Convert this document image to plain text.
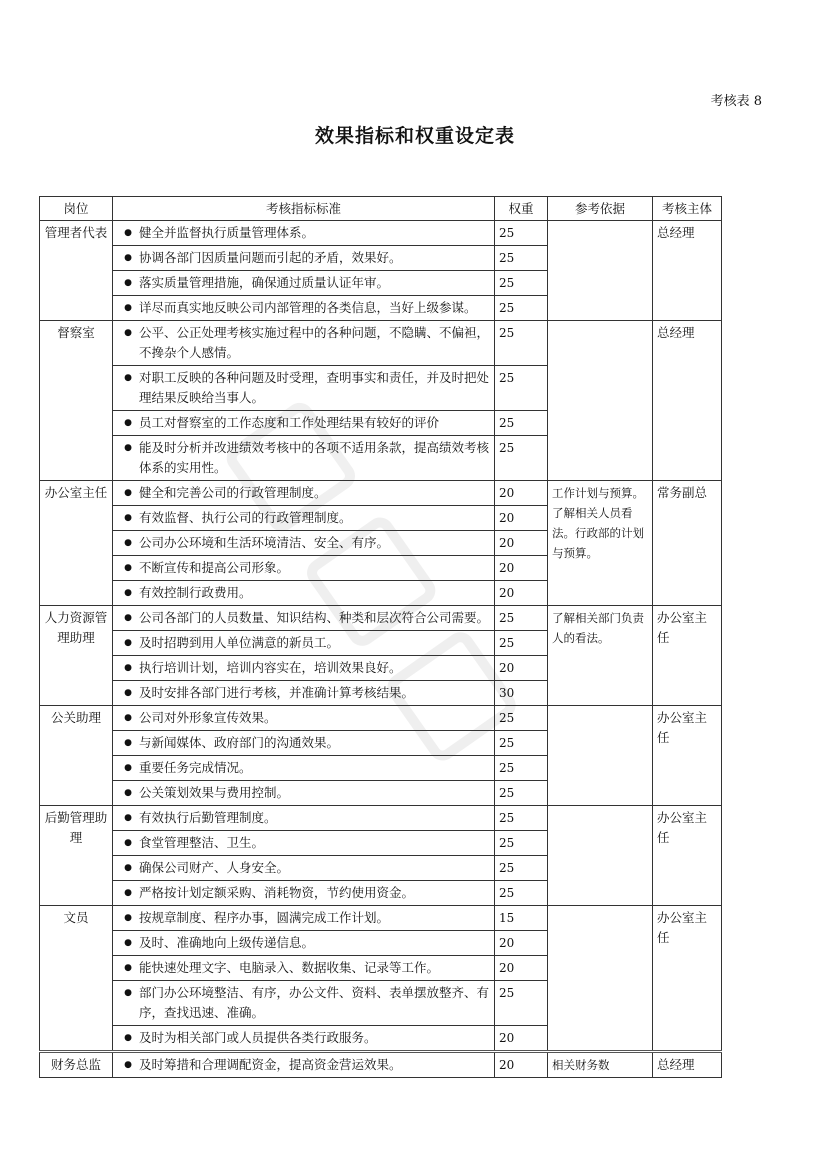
考核表 8
效果指标和权重设定表
岗位	考核指标标准	权重	参考依据	考核主体
管理者代表	● 健全并监督执行质量管理体系。	25		总经理

	● 协调各部门因质量问题而引起的矛盾，效果好。	25		

	● 落实质量管理措施，确保通过质量认证年审。	25		

	● 详尽而真实地反映公司内部管理的各类信息，当好上级参谋。	25		
督察室	● 公平、公正处理考核实施过程中的各种问题，不隐瞒、不偏袒，不搀杂个人感情。	25		总经理

	● 对职工反映的各种问题及时受理，查明事实和责任，并及时把处理结果反映给当事人。	25		

	● 员工对督察室的工作态度和工作处理结果有较好的评价	25		

	● 能及时分析并改进绩效考核中的各项不适用条款，提高绩效考核体系的实用性。	25		
办公室主任	● 健全和完善公司的行政管理制度。	20	工作计划与预算。了解相关人员看法。行政部的计划与预算。	常务副总

	● 有效监督、执行公司的行政管理制度。	20		

	● 公司办公环境和生活环境清洁、安全、有序。	20		

	● 不断宣传和提高公司形象。	20		

	● 有效控制行政费用。	20		
人力资源管理助理	● 公司各部门的人员数量、知识结构、种类和层次符合公司需要。	25	了解相关部门负责人的看法。	办公室主任

	● 及时招聘到用人单位满意的新员工。	25		

	● 执行培训计划，培训内容实在，培训效果良好。	20		

	● 及时安排各部门进行考核，并准确计算考核结果。	30		
公关助理	● 公司对外形象宣传效果。	25		办公室主任

	● 与新闻媒体、政府部门的沟通效果。	25		

	● 重要任务完成情况。	25		

	● 公关策划效果与费用控制。	25		
后勤管理助理	● 有效执行后勤管理制度。	25		办公室主任

	● 食堂管理整洁、卫生。	25		

	● 确保公司财产、人身安全。	25		

	● 严格按计划定额采购、消耗物资，节约使用资金。	25		
文员	● 按规章制度、程序办事，圆满完成工作计划。	15		办公室主任

	● 及时、准确地向上级传递信息。	20		

	● 能快速处理文字、电脑录入、数据收集、记录等工作。	20		

	● 部门办公环境整洁、有序，办公文件、资料、表单摆放整齐、有序，查找迅速、准确。	25		

	● 及时为相关部门或人员提供各类行政服务。	20		
财务总监	● 及时筹措和合理调配资金，提高资金营运效果。	20	相关财务数	总经理
